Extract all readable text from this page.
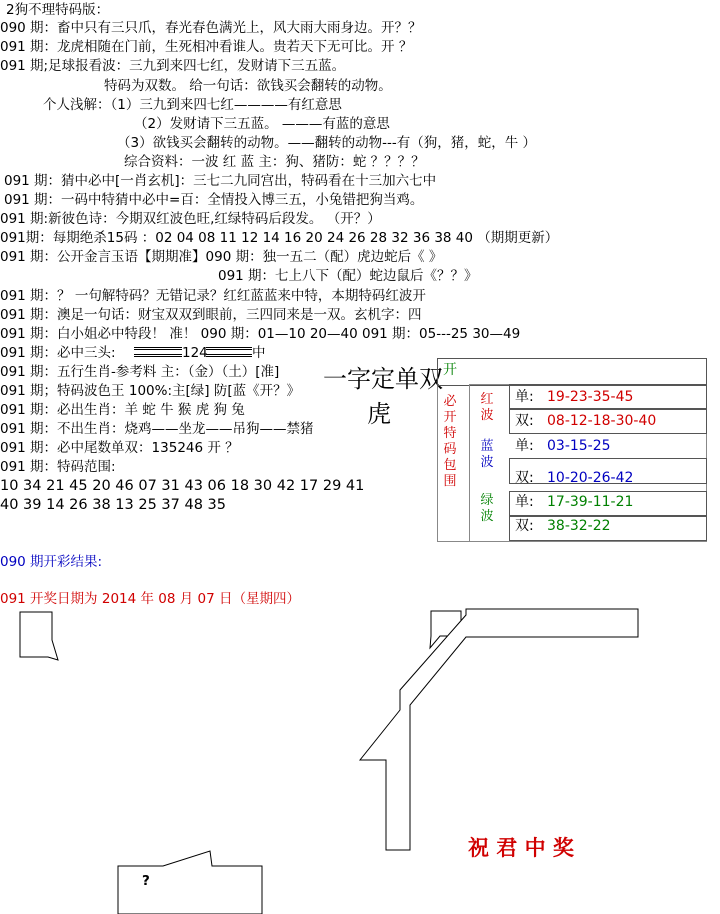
2狗不理特码版：
090 期：畜中只有三只爪，春光春色满光上，风大雨大雨身边。开？？
091 期：龙虎相随在门前，生死相冲看谁人。贵若天下无可比。开 ？
091 期;足球报看波：三九到来四七红，发财请下三五蓝。
特码为双数。 给一句话：欲钱买会翻转的动物。
个人浅解：（1）三九到来四七红————有红意思
（2）发财请下三五蓝。 ———有蓝的意思
（3）欲钱买会翻转的动物。——翻转的动物---有（狗，猪，蛇，牛 ）
综合资料：一波 红 蓝 主：狗、猪防：蛇 ？？？？
091 期：猜中必中[一肖玄机]：三七二九同宫出，特码看在十三加六七中
091 期：一码中特猜中必中=百：全情投入博三五，小兔错把狗当鸡。
091 期:新彼色诗：今期双红波色旺,红绿特码后段发。 （开？）
091期：每期绝杀15码 ：02 04 08 11 12 14 16 20 24 26 28 32 36 38 40 （期期更新）
091 期：公开金言玉语【期期准】090 期：独一五二（配）虎边蛇后《 》
091 期：七上八下（配）蛇边鼠后《？？》
091 期：？ 一句解特码？无错记录？红红蓝蓝来中特，本期特码红波开
091 期：澳足一句话：财宝双双到眼前，三四同来是一双。玄机字：四
091 期：白小姐必中特段！ 准！ 090 期：01—10 20—40 091 期：05---25 30—49
091 期：必中三头:	124	中
091 期：五行生肖-参考料 主：（金）（土）[准]
091 期；特码波色王 100%:主[绿] 防[蓝《开？》
091 期：必出生肖：羊 蛇 牛 猴 虎 狗 兔
091 期：不出生肖：烧鸡——坐龙——吊狗——禁猪
091 期：必中尾数单双：135246 开 ？
091 期：特码范围:
10 34 21 45 20 46 07 31 43 06 18 30 42 17 29 41
40 39 14 26 38 13 25 37 48 35
一字定单双
虎
开
必开特码包围
红波
单: 19-23-35-45
双: 08-12-18-30-40
蓝波
单: 03-15-25
双: 10-20-26-42
绿波
单: 17-39-11-21
双: 38-32-22
090 期开彩结果:
091 开奖日期为 2014 年 08 月 07 日（星期四）
?
祝 君 中 奖
